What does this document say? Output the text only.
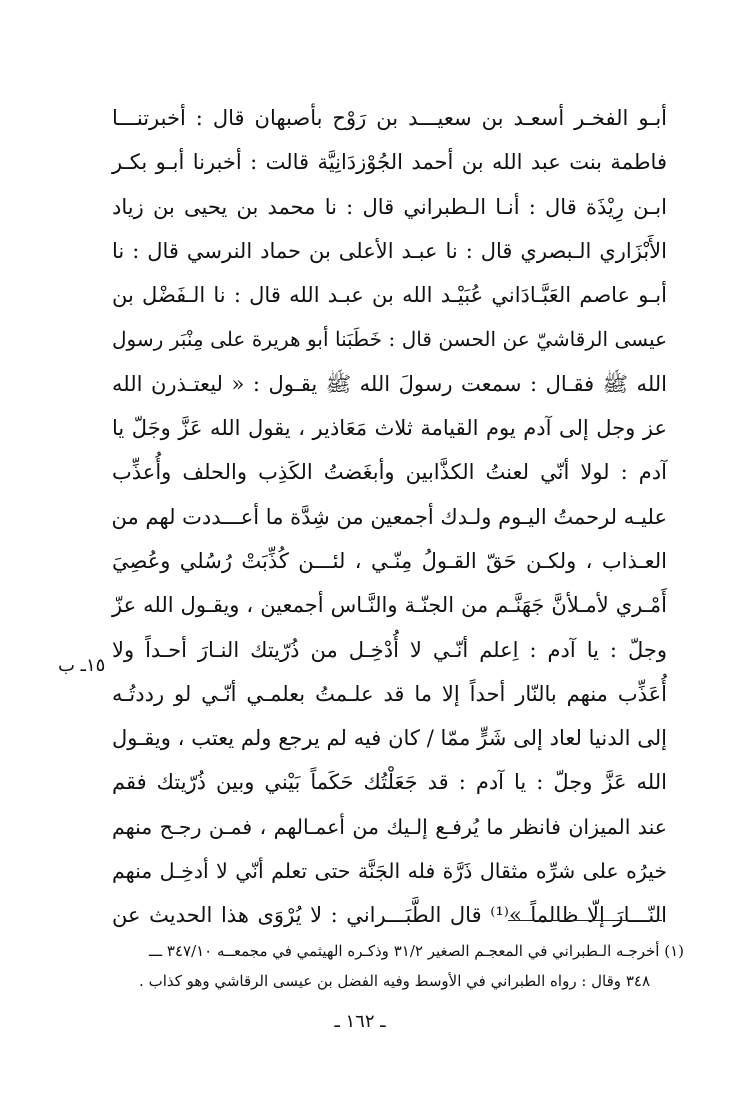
أبـو الفخـر أسعـد بن سعيـــد بن رَوْح بأصبهان قال : أخبرتنـــا
فاطمة بنت عبد الله بن أحمد الجُوْزدَانِيَّة قالت : أخبرنا أبـو بكـر
ابـن رِيْذَة قال : أنـا الـطبراني قال : نا محمد بن يحيى بن زياد
الأَبْزَاري الـبصري قال : نا عبـد الأعلى بن حماد النرسي قال : نا
أبـو عاصم العَبَّـادَاني عُبَيْـد الله بن عبـد الله قال : نا الـفَضْل بن
عيسى الرقاشيّ عن الحسن قال : خَطَبَنا أبو هريرة على مِنْبَر رسول
الله ﷺ فقـال : سمعت رسولَ الله ﷺ يقـول : « ليعتـذرن الله
عز وجل إلى آدم يوم القيامة ثلاث مَعَاذير ، يقول الله عَزَّ وجَلّ يا
آدم : لولا أنّي لعنتُ الكذَّابين وأبغَضتُ الكَذِب والحلف وأُعذِّب
عليـه لرحمتُ اليـوم ولـدك أجمعين من شِدَّة ما أعـــددت لهم من
العـذاب ، ولكـن حَقّ القـولُ مِنّـي ، لئـــن كُذِّبَتْ رُسُلي وعُصِيَ
أَمْـري لأمـلأنَّ جَهَنَّـم من الجنّـة والنَّـاس أجمعين ، ويقـول الله عزّ
وجلّ : يا آدم : اِعلم أنّـي لا أُدْخِـل من ذُرّيتك النـارَ أحـداً ولا
أُعَذِّب منهم بالنّار أحداً إلا ما قد علـمتُ بعلمـي أنّـي لو رددتُـه
إلى الدنيا لعاد إلى شَرٍّ ممّا / كان فيه لم يرجع ولم يعتب ، ويقـول
الله عَزَّ وجلّ : يا آدم : قد جَعَلْتُك حَكَماً بَيْني وبين ذُرّيتك فقم
عند الميزان فانظر ما يُرفـع إلـيك من أعمـالهم ، فمـن رجـح منهم
خيرُه على شرِّه مثقال ذَرَّة فله الجَنَّة حتى تعلم أنّي لا أدخِـل منهم
النّـــارَ إلّا ظالماً »⁽¹⁾ قال الطَّبَـــراني : لا يُرْوَى هذا الحديث عن
١٥ـ ب
(١) أخرجـه الـطبراني في المعجـم الصغير ٣١/٢ وذكـره الهيثمي في مجمعــه ٣٤٧/١٠ ـــ
٣٤٨ وقال : رواه الطبراني في الأوسط وفيه الفضل بن عيسى الرقاشي وهو كذاب .
ـ ١٦٢ ـ
